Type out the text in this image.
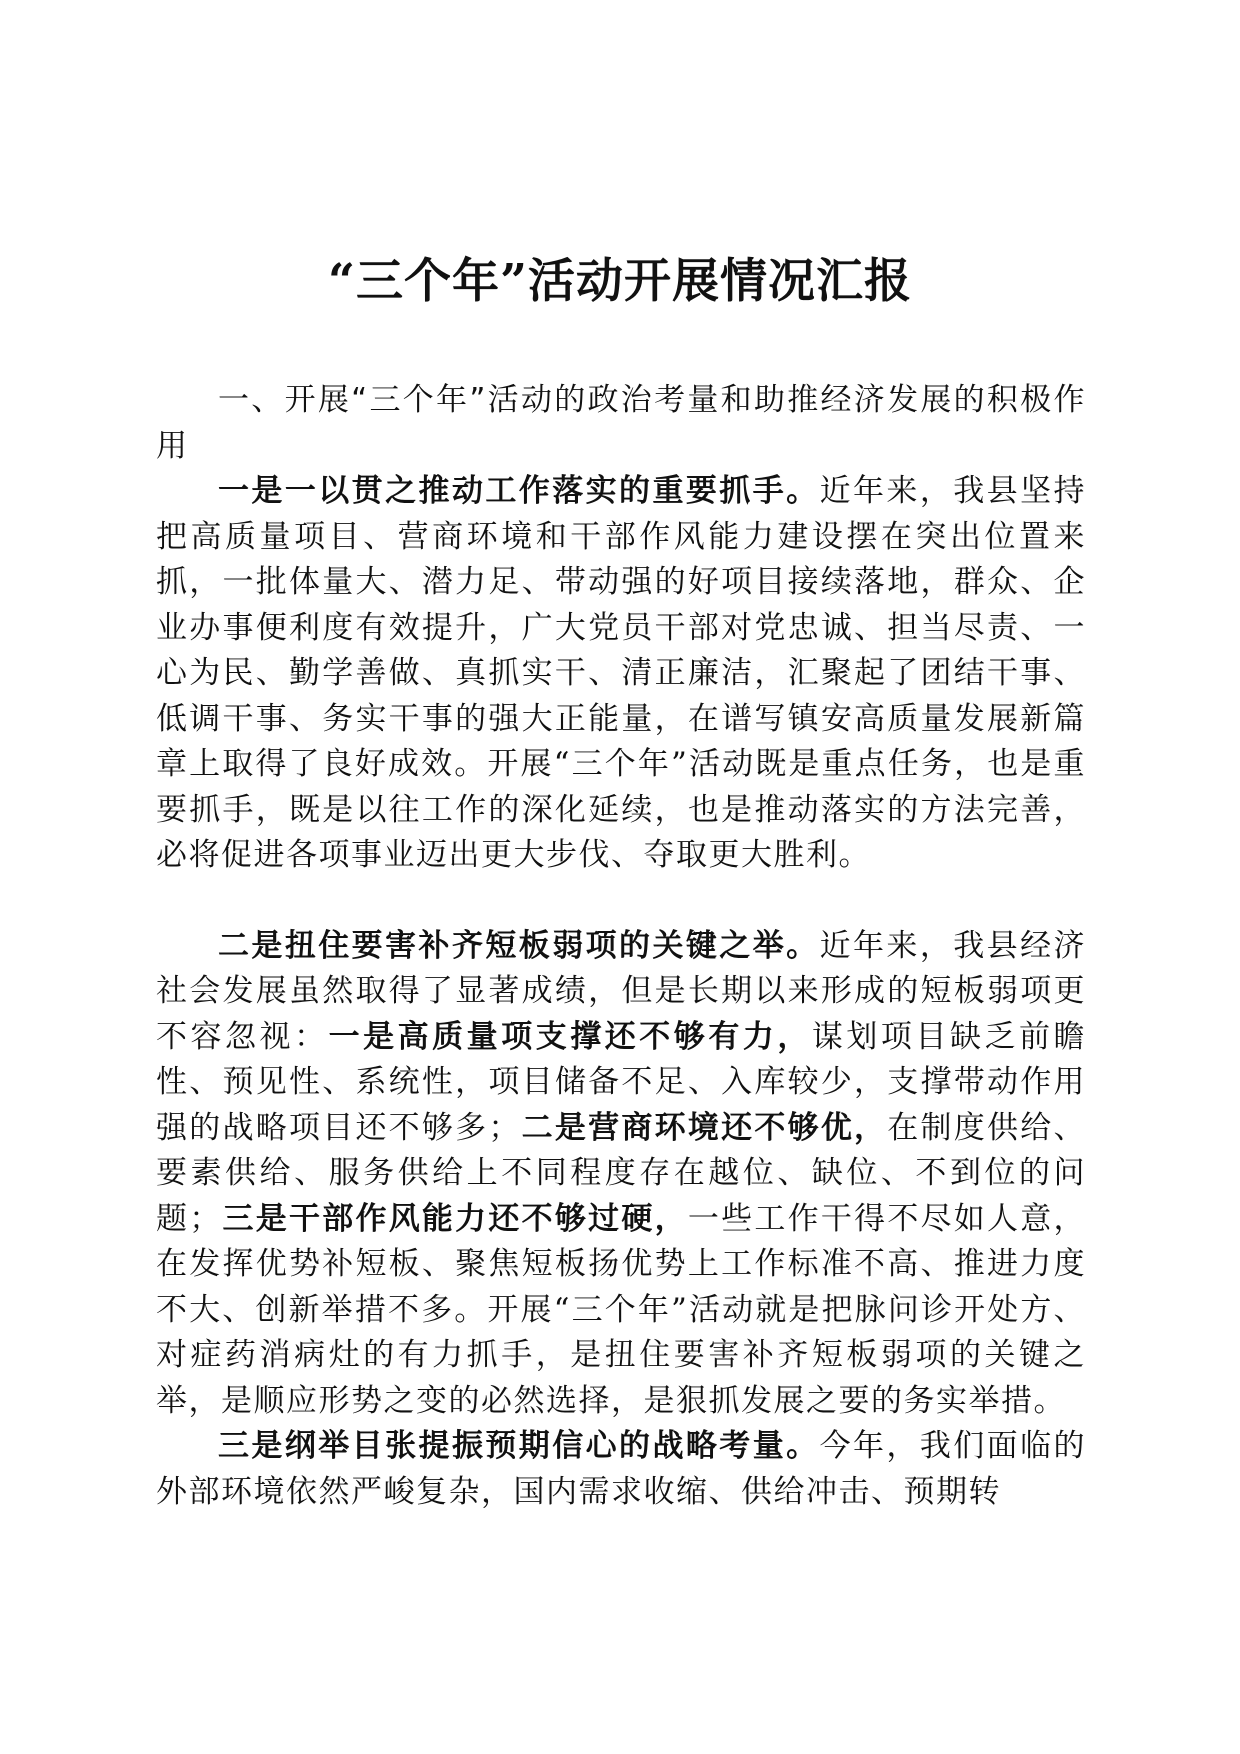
“三个年”活动开展情况汇报

一、开展“三个年”活动的政治考量和助推经济发展的积极作用

一是一以贯之推动工作落实的重要抓手。近年来，我县坚持把高质量项目、营商环境和干部作风能力建设摆在突出位置来抓，一批体量大、潜力足、带动强的好项目接续落地，群众、企业办事便利度有效提升，广大党员干部对党忠诚、担当尽责、一心为民、勤学善做、真抓实干、清正廉洁，汇聚起了团结干事、低调干事、务实干事的强大正能量，在谱写镇安高质量发展新篇章上取得了良好成效。开展“三个年”活动既是重点任务，也是重要抓手，既是以往工作的深化延续，也是推动落实的方法完善，必将促进各项事业迈出更大步伐、夺取更大胜利。

二是扭住要害补齐短板弱项的关键之举。近年来，我县经济社会发展虽然取得了显著成绩，但是长期以来形成的短板弱项更不容忽视：一是高质量项支撑还不够有力，谋划项目缺乏前瞻性、预见性、系统性，项目储备不足、入库较少，支撑带动作用强的战略项目还不够多；二是营商环境还不够优，在制度供给、要素供给、服务供给上不同程度存在越位、缺位、不到位的问题；三是干部作风能力还不够过硬，一些工作干得不尽如人意，在发挥优势补短板、聚焦短板扬优势上工作标准不高、推进力度不大、创新举措不多。开展“三个年”活动就是把脉问诊开处方、对症药消病灶的有力抓手，是扭住要害补齐短板弱项的关键之举，是顺应形势之变的必然选择，是狠抓发展之要的务实举措。

三是纲举目张提振预期信心的战略考量。今年，我们面临的外部环境依然严峻复杂，国内需求收缩、供给冲击、预期转
